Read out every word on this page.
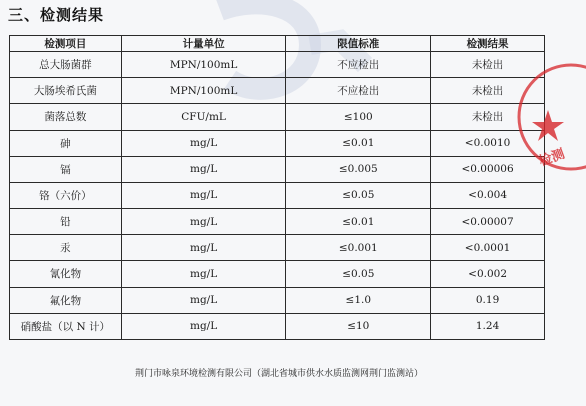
三、检测结果
检测项目	计量单位	限值标准	检测结果
总大肠菌群	MPN/100mL	不应检出	未检出
大肠埃希氏菌	MPN/100mL	不应检出	未检出
菌落总数	CFU/mL	≤100	未检出
砷	mg/L	≤0.01	<0.0010
镉	mg/L	≤0.005	<0.00006
铬（六价）	mg/L	≤0.05	<0.004
铅	mg/L	≤0.01	<0.00007
汞	mg/L	≤0.001	<0.0001
氰化物	mg/L	≤0.05	<0.002
氟化物	mg/L	≤1.0	0.19
硝酸盐（以 N 计）	mg/L	≤10	1.24
检测
荆门市咏泉环境检测有限公司（湖北省城市供水水质监测网荆门监测站）
